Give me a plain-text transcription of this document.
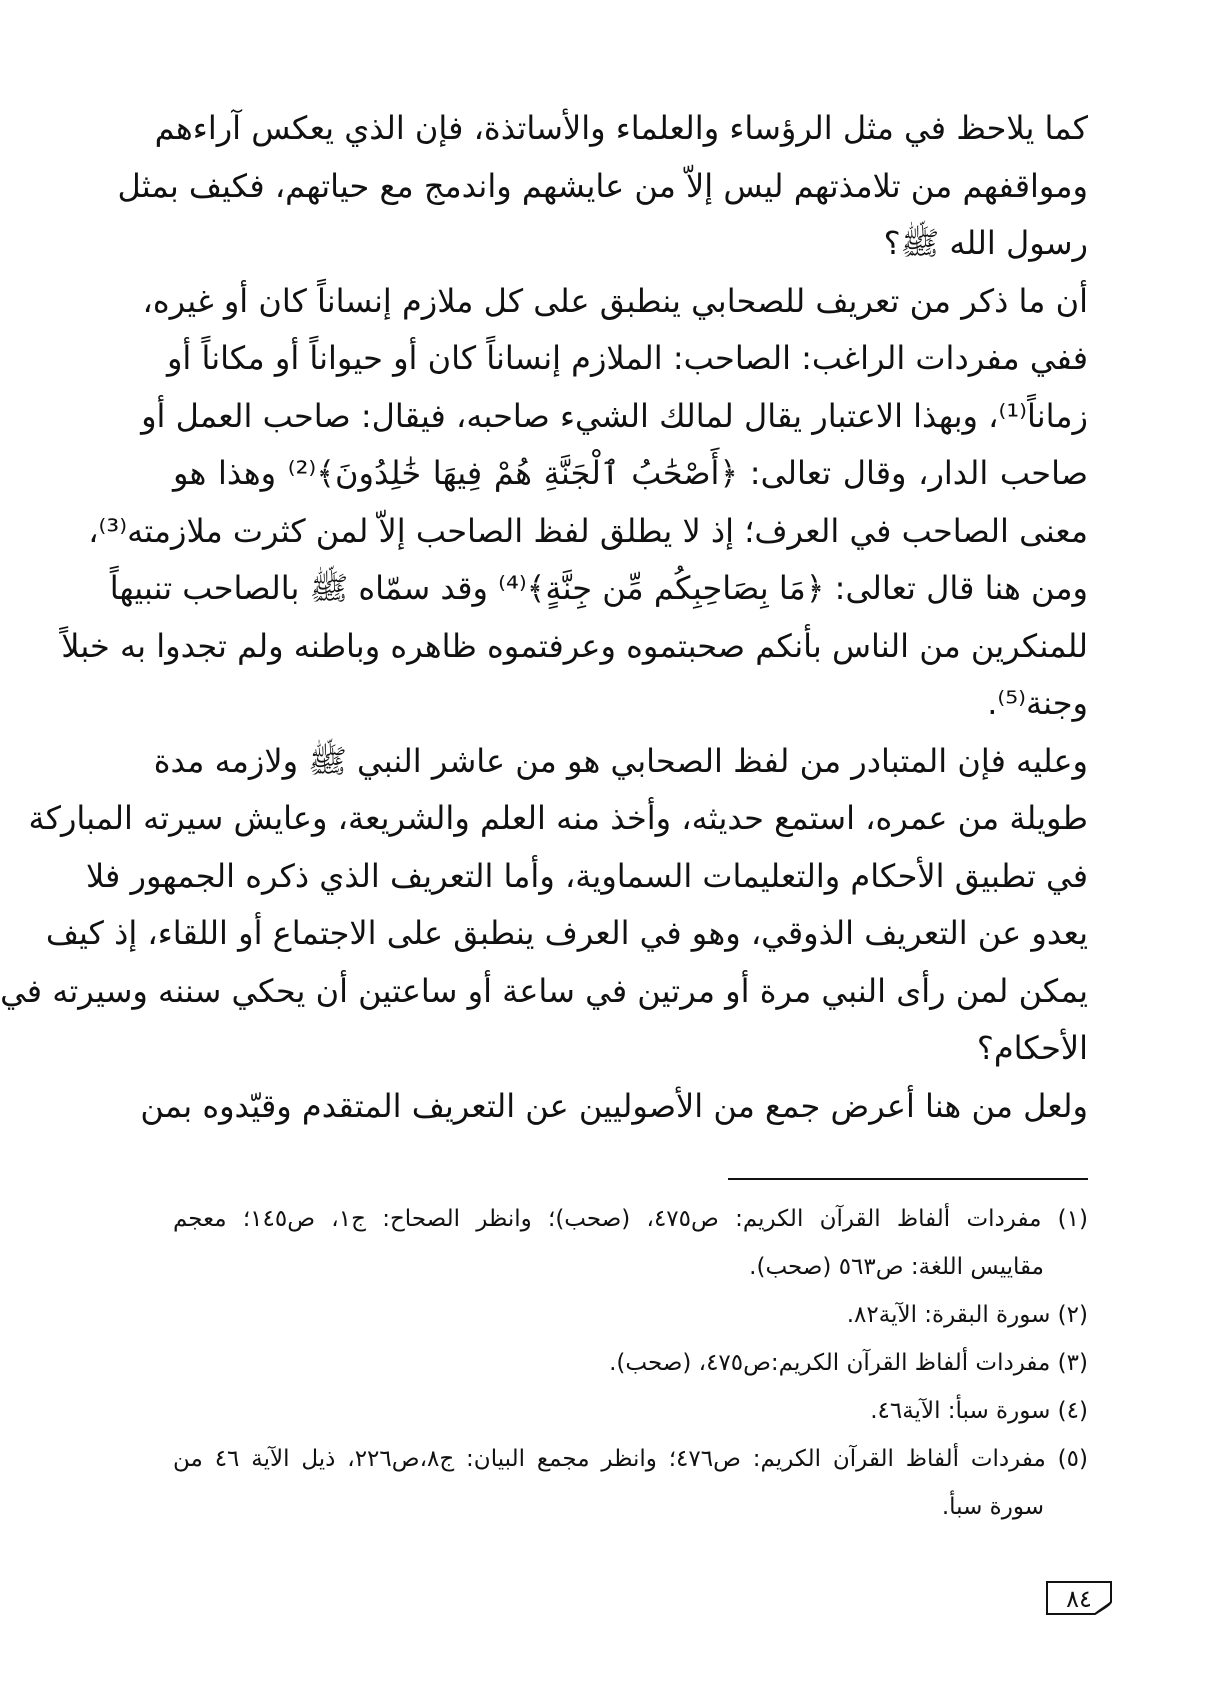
كما يلاحظ في مثل الرؤساء والعلماء والأساتذة، فإن الذي يعكس آراءهم
ومواقفهم من تلامذتهم ليس إلاّ من عايشهم واندمج مع حياتهم، فكيف بمثل
رسول الله ﷺ؟
أن ما ذكر من تعريف للصحابي ينطبق على كل ملازم إنساناً كان أو غيره،
ففي مفردات الراغب: الصاحب: الملازم إنساناً كان أو حيواناً أو مكاناً أو
زماناً⁽¹⁾، وبهذا الاعتبار يقال لمالك الشيء صاحبه، فيقال: صاحب العمل أو
صاحب الدار، وقال تعالى: ﴿أَصْحَٰبُ ٱلْجَنَّةِ هُمْ فِيهَا خَٰلِدُونَ﴾⁽²⁾ وهذا هو
معنى الصاحب في العرف؛ إذ لا يطلق لفظ الصاحب إلاّ لمن كثرت ملازمته⁽³⁾،
ومن هنا قال تعالى: ﴿مَا بِصَاحِبِكُم مِّن جِنَّةٍ﴾⁽⁴⁾ وقد سمّاه ﷺ بالصاحب تنبيهاً
للمنكرين من الناس بأنكم صحبتموه وعرفتموه ظاهره وباطنه ولم تجدوا به خبلاً
وجنة⁽⁵⁾.
وعليه فإن المتبادر من لفظ الصحابي هو من عاشر النبي ﷺ ولازمه مدة
طويلة من عمره، استمع حديثه، وأخذ منه العلم والشريعة، وعايش سيرته المباركة
في تطبيق الأحكام والتعليمات السماوية، وأما التعريف الذي ذكره الجمهور فلا
يعدو عن التعريف الذوقي، وهو في العرف ينطبق على الاجتماع أو اللقاء، إذ كيف
يمكن لمن رأى النبي مرة أو مرتين في ساعة أو ساعتين أن يحكي سننه وسيرته في
الأحكام؟
ولعل من هنا أعرض جمع من الأصوليين عن التعريف المتقدم وقيّدوه بمن
(١) مفردات ألفاظ القرآن الكريم: ص٤٧٥، (صحب)؛ وانظر الصحاح: ج١، ص١٤٥؛ معجم
مقاييس اللغة: ص٥٦٣ (صحب).
(٢) سورة البقرة: الآية٨٢.
(٣) مفردات ألفاظ القرآن الكريم:ص٤٧٥، (صحب).
(٤) سورة سبأ: الآية٤٦.
(٥) مفردات ألفاظ القرآن الكريم: ص٤٧٦؛ وانظر مجمع البيان: ج٨،ص٢٢٦، ذيل الآية ٤٦ من
سورة سبأ.
٨٤
